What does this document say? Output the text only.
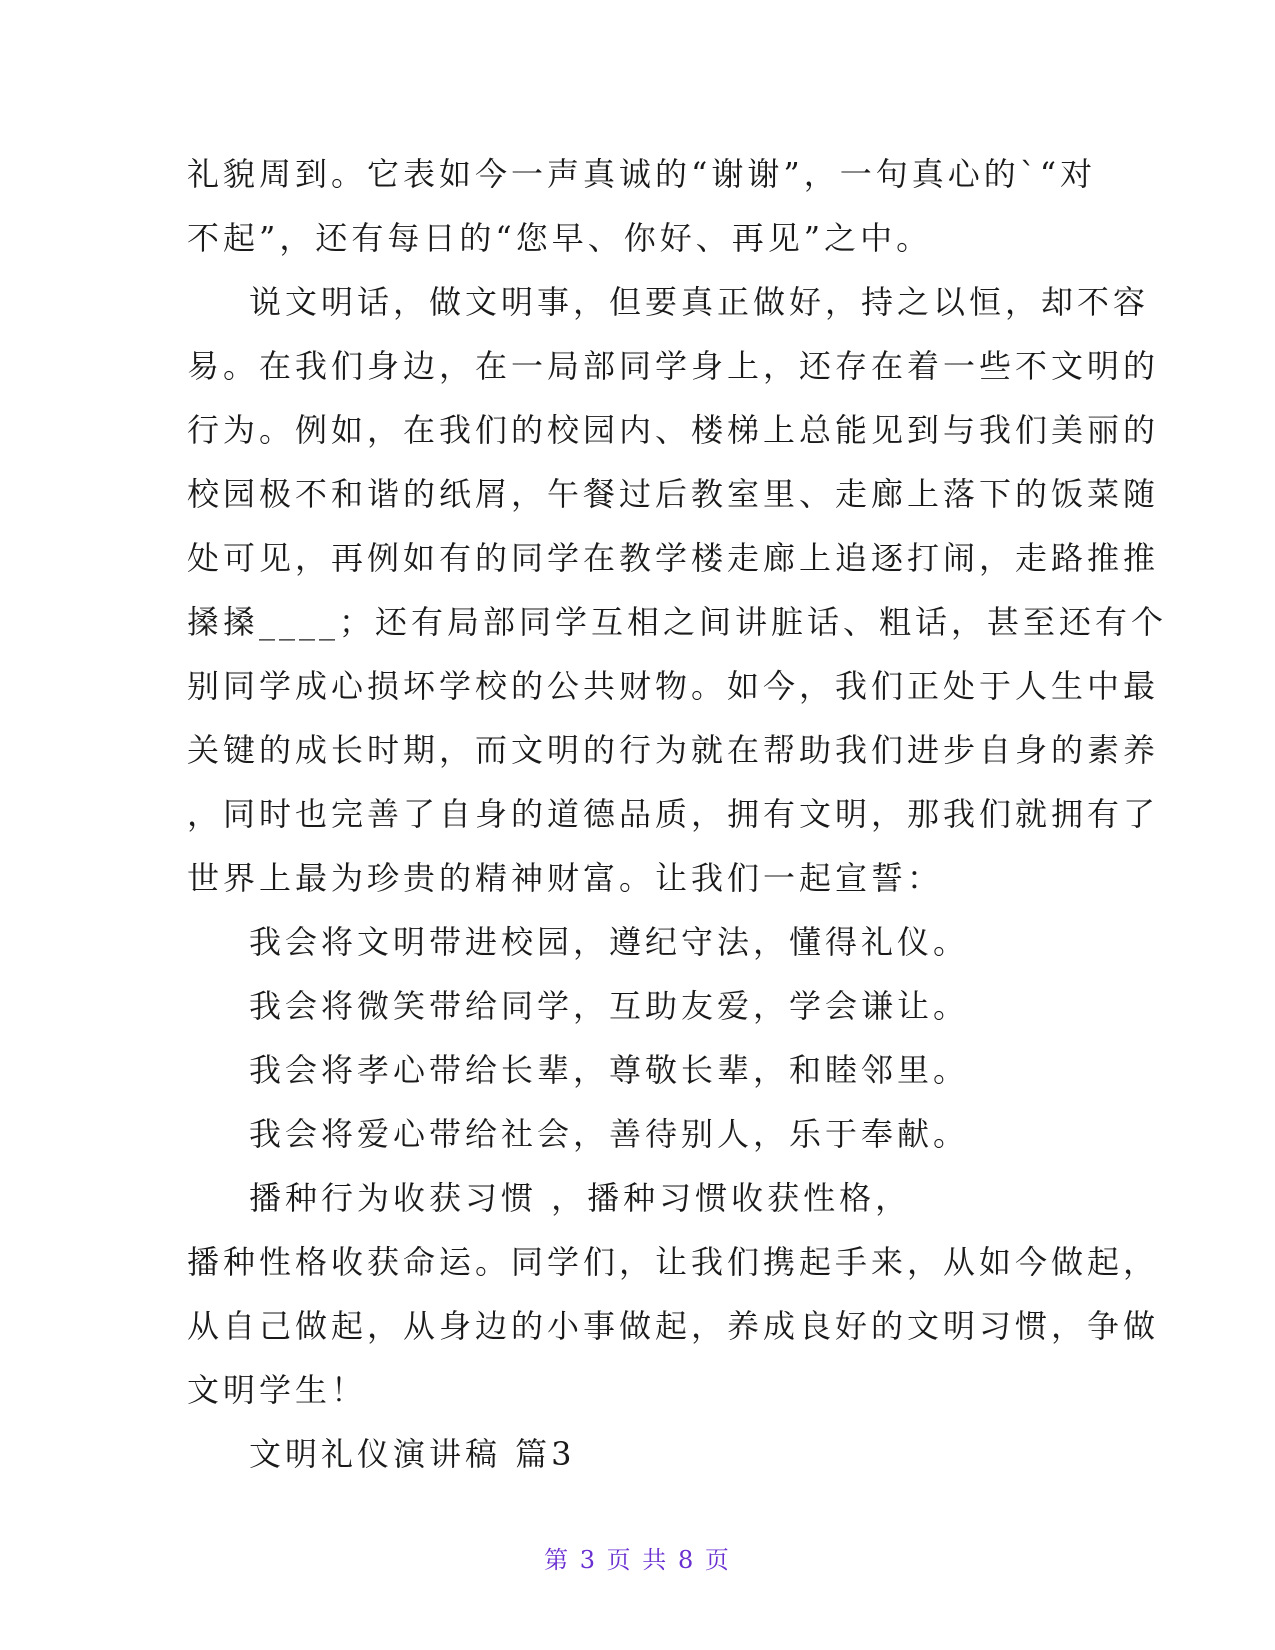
礼貌周到。它表如今一声真诚的“谢谢”，一句真心的`“对
不起”，还有每日的“您早、你好、再见”之中。
说文明话，做文明事，但要真正做好，持之以恒，却不容
易。在我们身边，在一局部同学身上，还存在着一些不文明的
行为。例如，在我们的校园内、楼梯上总能见到与我们美丽的
校园极不和谐的纸屑，午餐过后教室里、走廊上落下的饭菜随
处可见，再例如有的同学在教学楼走廊上追逐打闹，走路推推
搡搡____；还有局部同学互相之间讲脏话、粗话，甚至还有个
别同学成心损坏学校的公共财物。如今，我们正处于人生中最
关键的成长时期，而文明的行为就在帮助我们进步自身的素养
，同时也完善了自身的道德品质，拥有文明，那我们就拥有了
世界上最为珍贵的精神财富。让我们一起宣誓：
我会将文明带进校园，遵纪守法，懂得礼仪。
我会将微笑带给同学，互助友爱，学会谦让。
我会将孝心带给长辈，尊敬长辈，和睦邻里。
我会将爱心带给社会，善待别人，乐于奉献。
播种行为收获习惯 ，播种习惯收获性格，
播种性格收获命运。同学们，让我们携起手来，从如今做起，
从自己做起，从身边的小事做起，养成良好的文明习惯，争做
文明学生！
文明礼仪演讲稿 篇3
第 3 页 共 8 页
